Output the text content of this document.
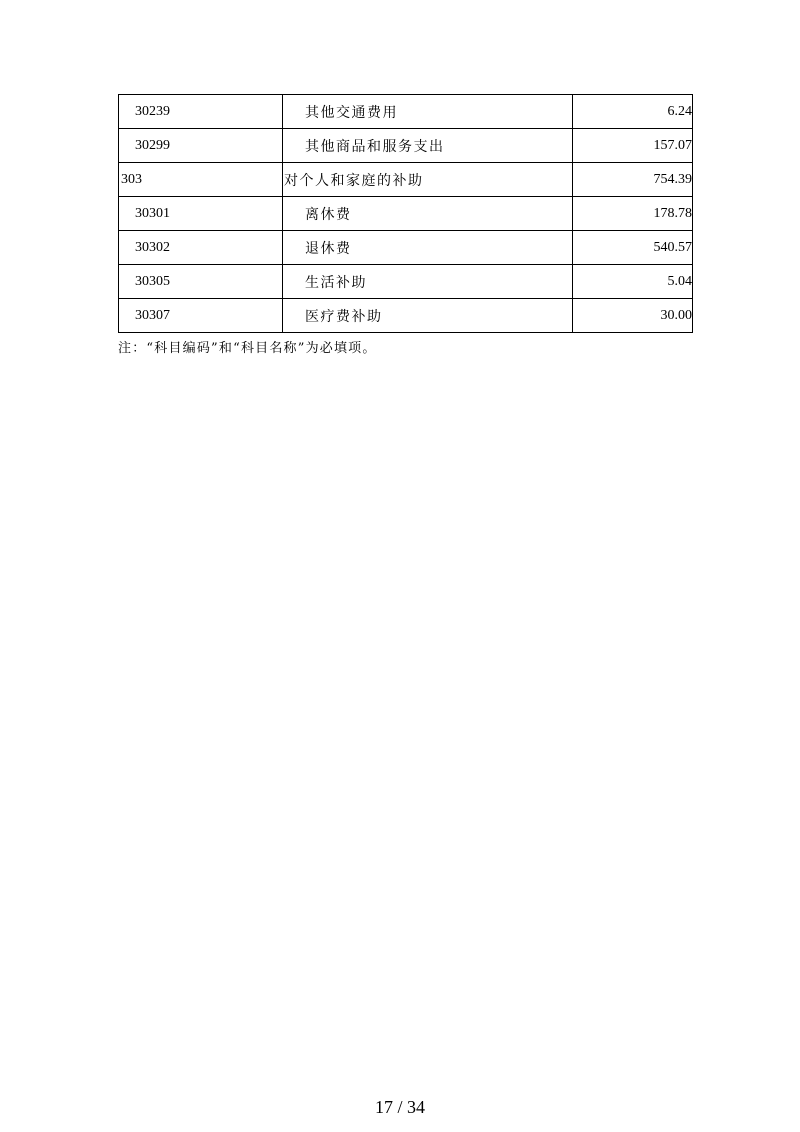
30239	其他交通费用	6.24
30299	其他商品和服务支出	157.07
303	对个人和家庭的补助	754.39
30301	离休费	178.78
30302	退休费	540.57
30305	生活补助	5.04
30307	医疗费补助	30.00
注：“科目编码”和“科目名称”为必填项。
17 / 34
